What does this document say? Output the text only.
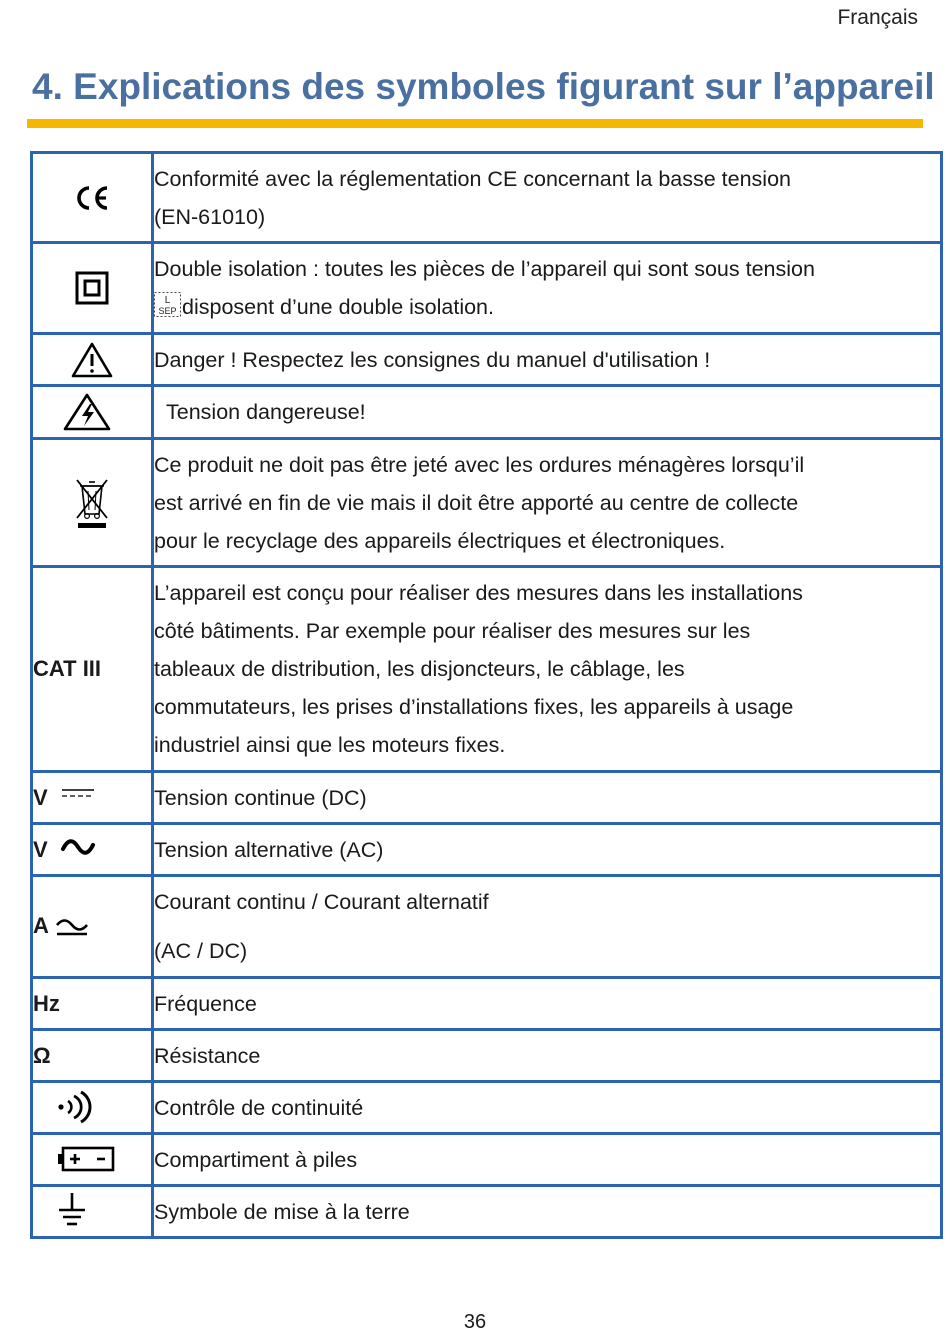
Français
4. Explications des symboles figurant sur l’appareil
	Conformité avec la réglementation CE concernant la basse tension
(EN-61010)
	Double isolation : toutes les pièces de l’appareil qui sont sous tension

L
SEP disposent d’une double isolation.
	Danger ! Respectez les consignes du manuel d'utilisation !
	Tension dangereuse!
	Ce produit ne doit pas être jeté avec les ordures ménagères lorsqu’il
est arrivé en fin de vie mais il doit être apporté au centre de collecte
pour le recyclage des appareils électriques et électroniques.
CAT III	L’appareil est conçu pour réaliser des mesures dans les installations
côté bâtiments. Par exemple pour réaliser des mesures sur les
tableaux de distribution, les disjoncteurs, le câblage, les
commutateurs, les prises d’installations fixes, les appareils à usage
industriel ainsi que les moteurs fixes.
V	Tension continue (DC)
V	Tension alternative (AC)
A	Courant continu / Courant alternatif
(AC / DC)

Hz	Fréquence
Ω	Résistance
	Contrôle de continuité
	Compartiment à piles
	Symbole de mise à la terre
36
